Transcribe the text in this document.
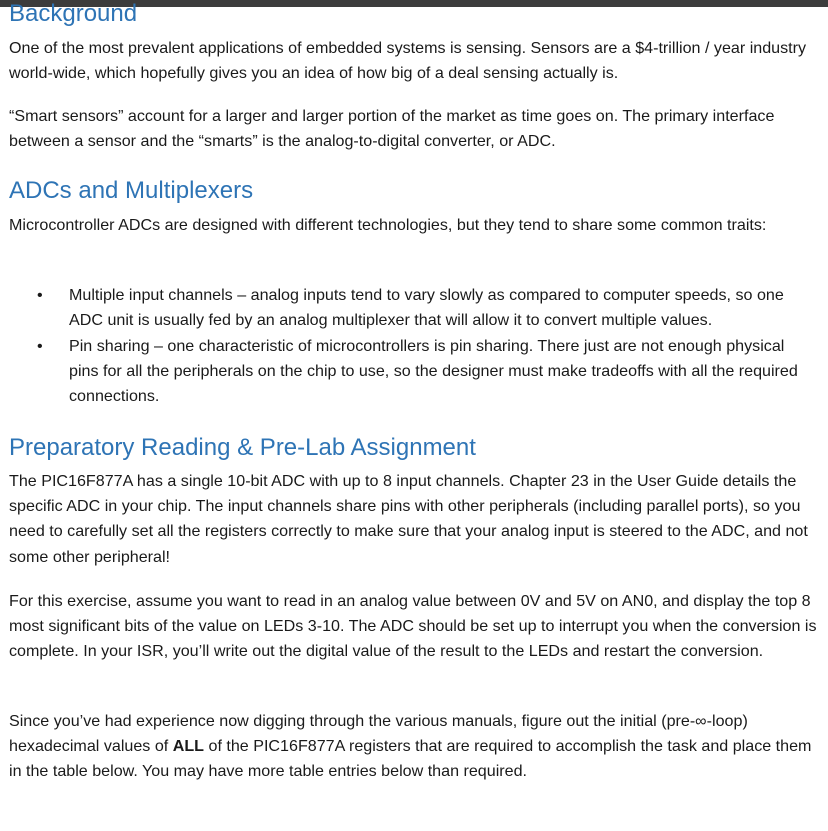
Background

One of the most prevalent applications of embedded systems is sensing. Sensors are a $4-trillion / year industry world-wide, which hopefully gives you an idea of how big of a deal sensing actually is.

“Smart sensors” account for a larger and larger portion of the market as time goes on. The primary interface between a sensor and the “smarts” is the analog-to-digital converter, or ADC.

ADCs and Multiplexers

Microcontroller ADCs are designed with different technologies, but they tend to share some common traits:

• Multiple input channels – analog inputs tend to vary slowly as compared to computer speeds, so one ADC unit is usually fed by an analog multiplexer that will allow it to convert multiple values.
• Pin sharing – one characteristic of microcontrollers is pin sharing. There just are not enough physical pins for all the peripherals on the chip to use, so the designer must make tradeoffs with all the required connections.
Preparatory Reading & Pre-Lab Assignment

The PIC16F877A has a single 10-bit ADC with up to 8 input channels. Chapter 23 in the User Guide details the specific ADC in your chip. The input channels share pins with other peripherals (including parallel ports), so you need to carefully set all the registers correctly to make sure that your analog input is steered to the ADC, and not some other peripheral!

For this exercise, assume you want to read in an analog value between 0V and 5V on AN0, and display the top 8 most significant bits of the value on LEDs 3-10. The ADC should be set up to interrupt you when the conversion is complete. In your ISR, you’ll write out the digital value of the result to the LEDs and restart the conversion.

Since you’ve had experience now digging through the various manuals, figure out the initial (pre-∞-loop) hexadecimal values of ALL of the PIC16F877A registers that are required to accomplish the task and place them in the table below. You may have more table entries below than required.
